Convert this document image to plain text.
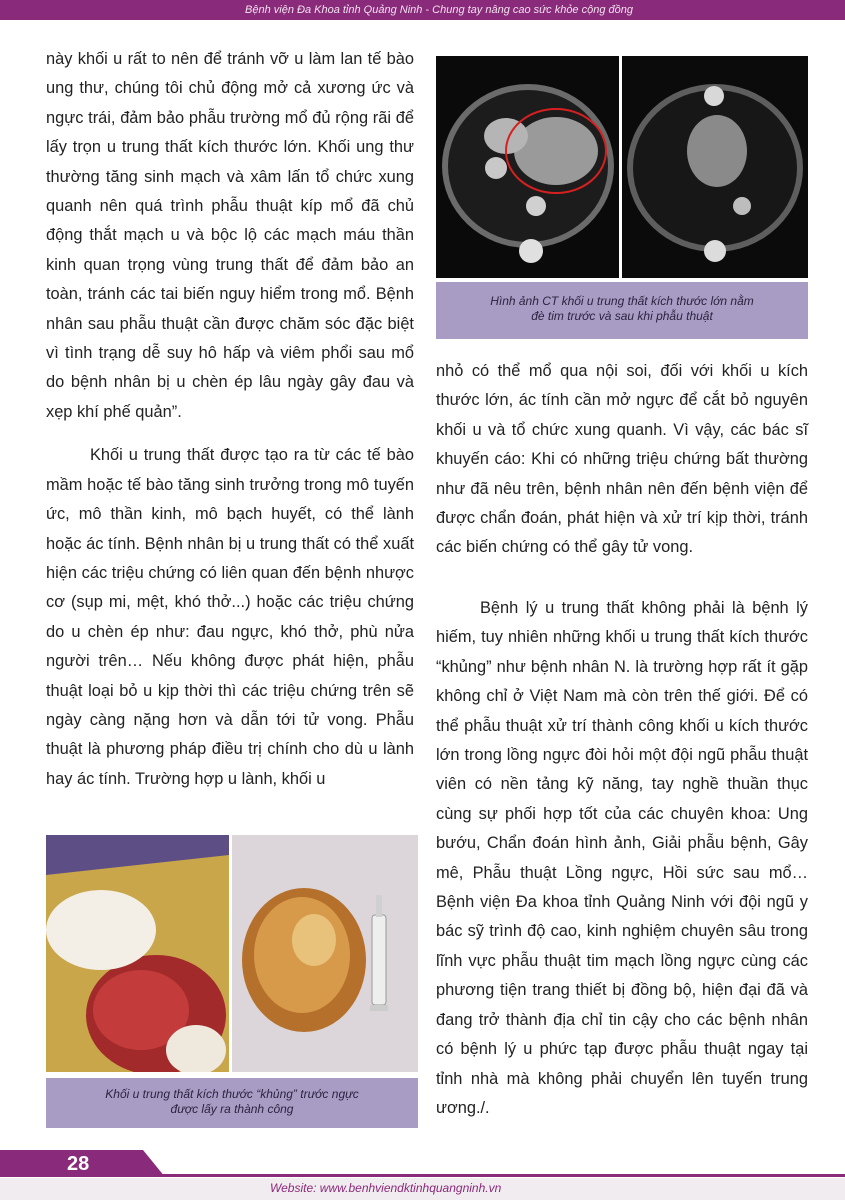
Bệnh viện Đa Khoa tỉnh Quảng Ninh - Chung tay nâng cao sức khỏe cộng đồng

này khối u rất to nên để tránh vỡ u làm lan tế bào ung thư, chúng tôi chủ động mở cả xương ức và ngực trái, đảm bảo phẫu trường mổ đủ rộng rãi để lấy trọn u trung thất kích thước lớn. Khối ung thư thường tăng sinh mạch và xâm lấn tổ chức xung quanh nên quá trình phẫu thuật kíp mổ đã chủ động thắt mạch u và bộc lộ các mạch máu thần kinh quan trọng vùng trung thất để đảm bảo an toàn, tránh các tai biến nguy hiểm trong mổ. Bệnh nhân sau phẫu thuật cần được chăm sóc đặc biệt vì tình trạng dễ suy hô hấp và viêm phổi sau mổ do bệnh nhân bị u chèn ép lâu ngày gây đau và xẹp khí phế quản”.

Khối u trung thất được tạo ra từ các tế bào mầm hoặc tế bào tăng sinh trưởng trong mô tuyến ức, mô thần kinh, mô bạch huyết, có thể lành hoặc ác tính. Bệnh nhân bị u trung thất có thể xuất hiện các triệu chứng có liên quan đến bệnh nhược cơ (sụp mi, mệt, khó thở...) hoặc các triệu chứng do u chèn ép như: đau ngực, khó thở, phù nửa người trên… Nếu không được phát hiện, phẫu thuật loại bỏ u kịp thời thì các triệu chứng trên sẽ ngày càng nặng hơn và dẫn tới tử vong. Phẫu thuật là phương pháp điều trị chính cho dù u lành hay ác tính. Trường hợp u lành, khối u

Hình ảnh CT khối u trung thất kích thước lớn nằm
đè tim trước và sau khi phẫu thuật

nhỏ có thể mổ qua nội soi, đối với khối u kích thước lớn, ác tính cần mở ngực để cắt bỏ nguyên khối u và tổ chức xung quanh. Vì vậy, các bác sĩ khuyến cáo: Khi có những triệu chứng bất thường như đã nêu trên, bệnh nhân nên đến bệnh viện để được chẩn đoán, phát hiện và xử trí kịp thời, tránh các biến chứng có thể gây tử vong.

Bệnh lý u trung thất không phải là bệnh lý hiếm, tuy nhiên những khối u trung thất kích thước “khủng” như bệnh nhân N. là trường hợp rất ít gặp không chỉ ở Việt Nam mà còn trên thế giới. Để có thể phẫu thuật xử trí thành công khối u kích thước lớn trong lồng ngực đòi hỏi một đội ngũ phẫu thuật viên có nền tảng kỹ năng, tay nghề thuần thục cùng sự phối hợp tốt của các chuyên khoa: Ung bướu, Chẩn đoán hình ảnh, Giải phẫu bệnh, Gây mê, Phẫu thuật Lồng ngực, Hồi sức sau mổ… Bệnh viện Đa khoa tỉnh Quảng Ninh với đội ngũ y bác sỹ trình độ cao, kinh nghiệm chuyên sâu trong lĩnh vực phẫu thuật tim mạch lồng ngực cùng các phương tiện trang thiết bị đồng bộ, hiện đại đã và đang trở thành địa chỉ tin cậy cho các bệnh nhân có bệnh lý u phức tạp được phẫu thuật ngay tại tỉnh nhà mà không phải chuyển lên tuyến trung ương./.

Khối u trung thất kích thước “khủng” trước ngực
được lấy ra thành công
28
Website: www.benhviendktinhquangninh.vn
